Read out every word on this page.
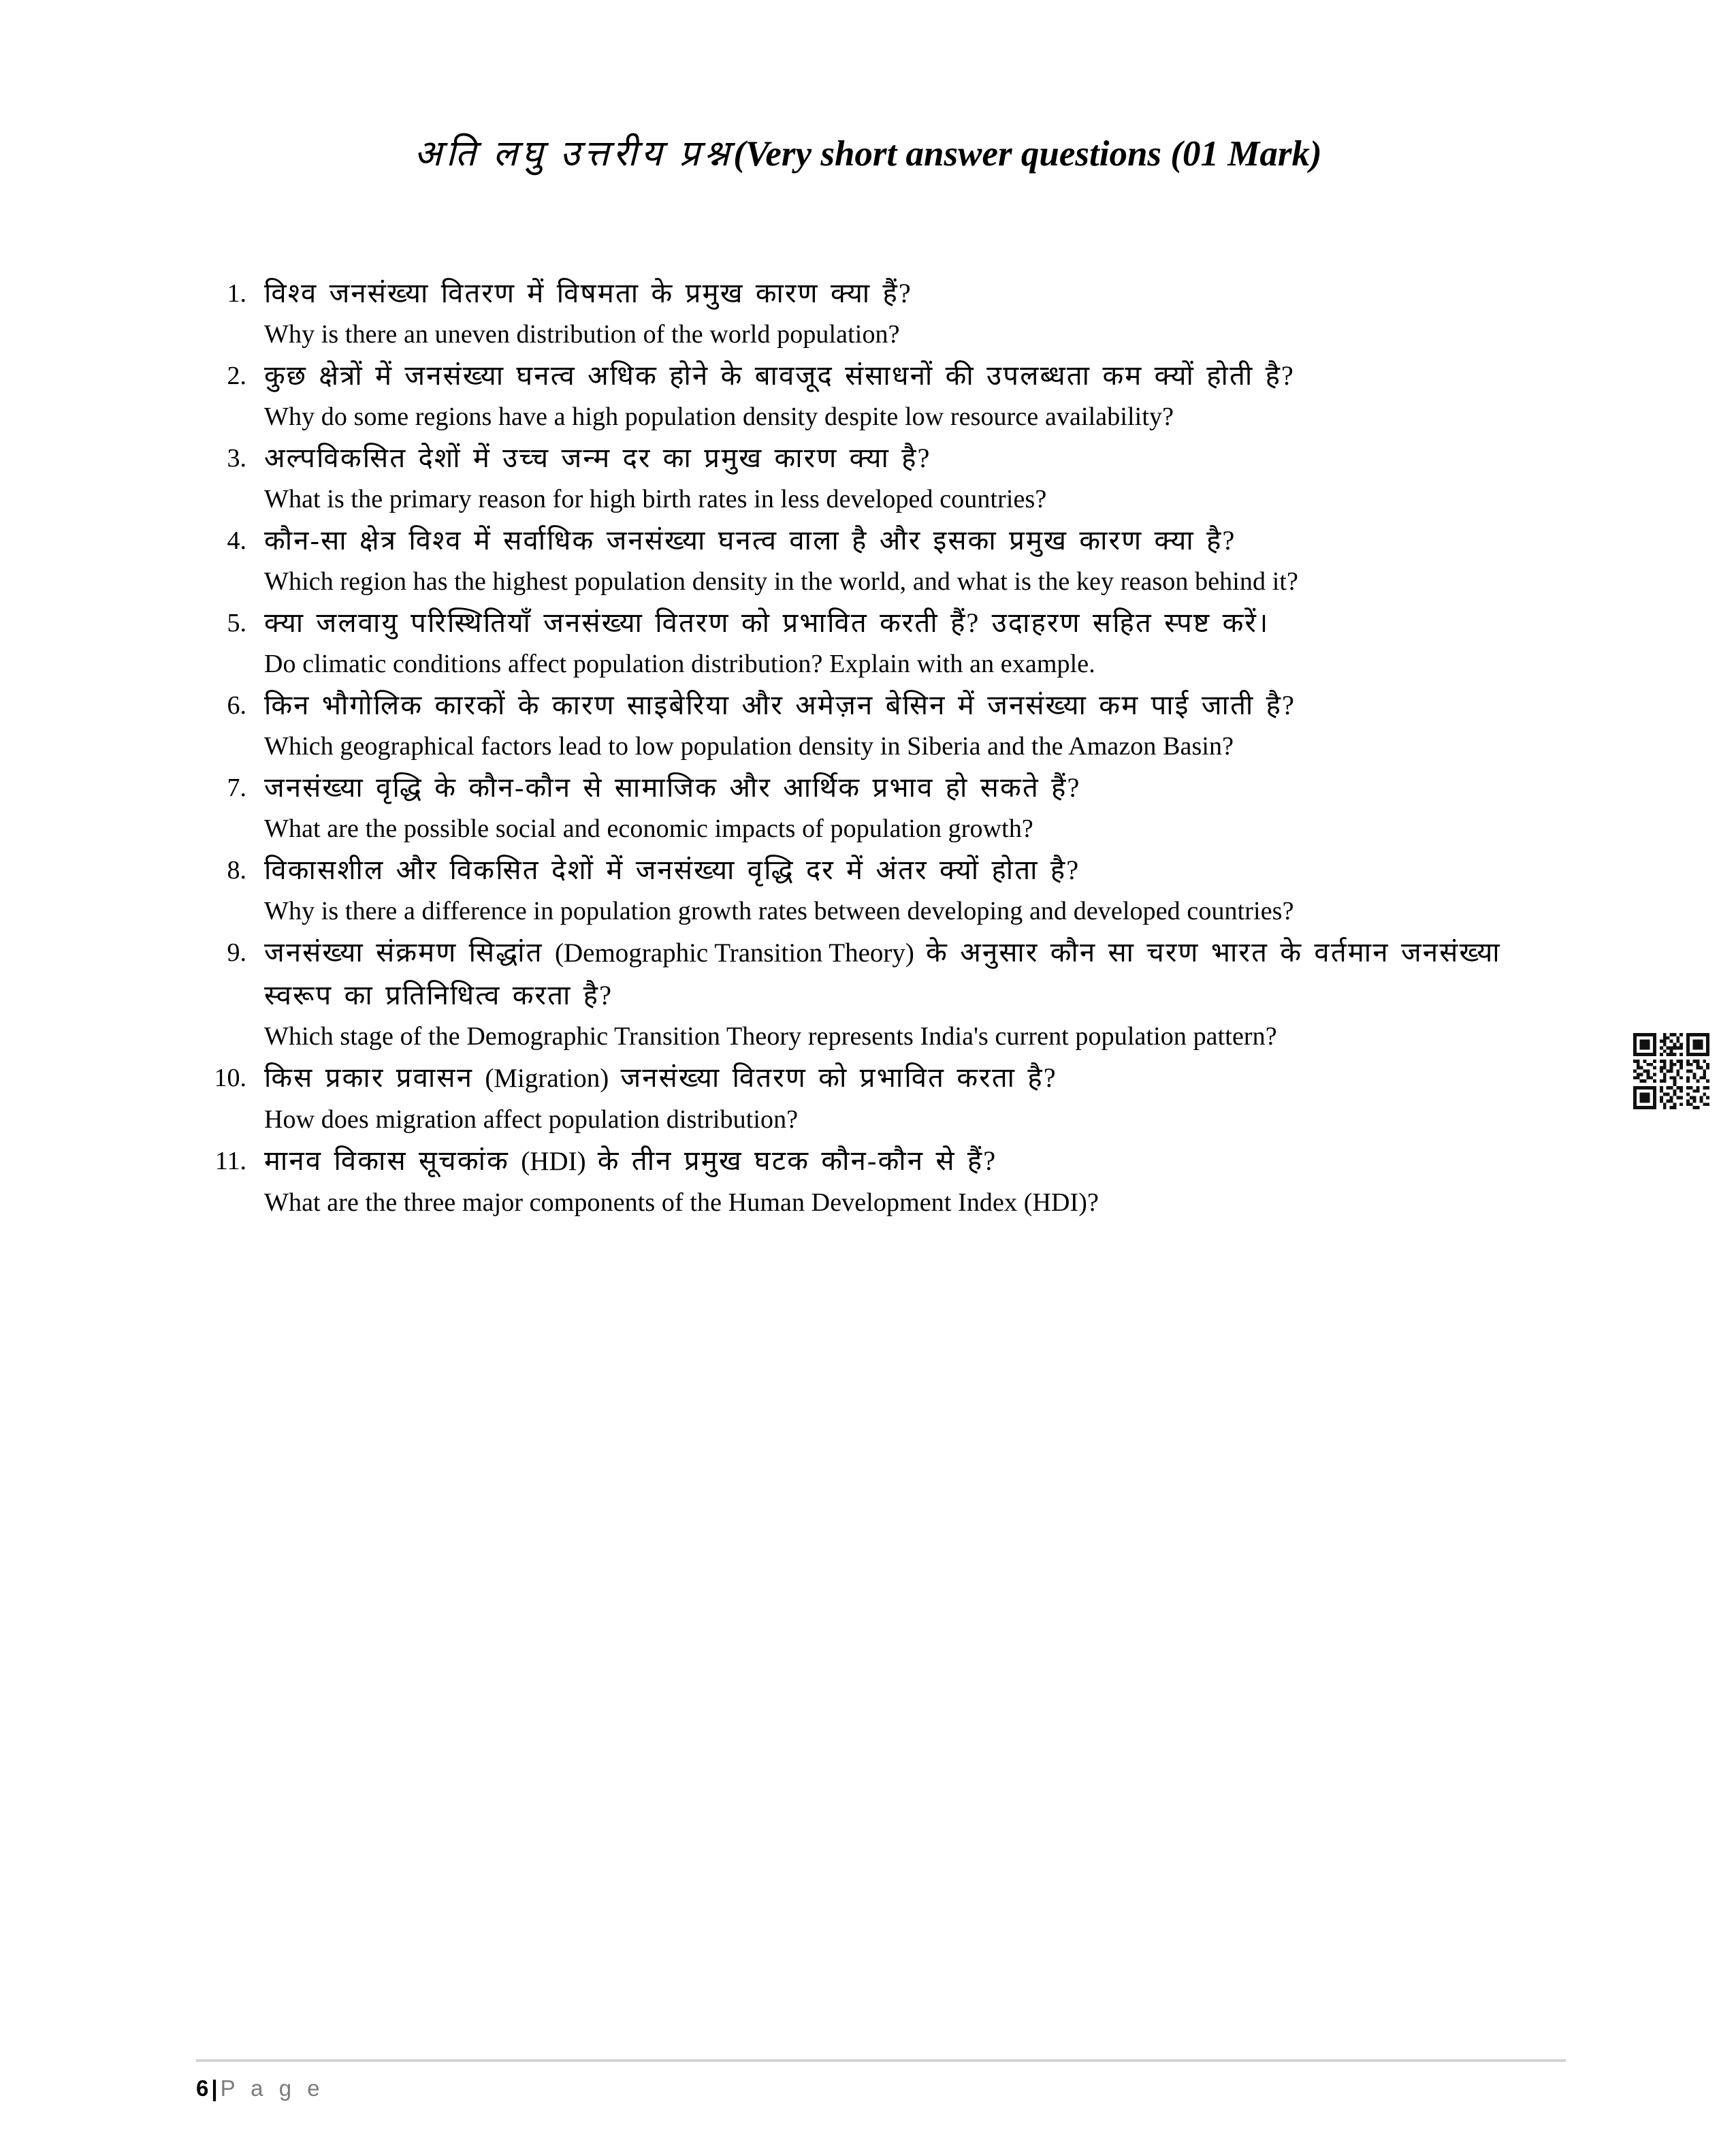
अति लघु उत्तरीय प्रश्न(Very short answer questions (01 Mark)
1. विश्व जनसंख्या वितरण में विषमता के प्रमुख कारण क्या हैं?

Why is there an uneven distribution of the world population?

2. कुछ क्षेत्रों में जनसंख्या घनत्व अधिक होने के बावजूद संसाधनों की उपलब्धता कम क्यों होती है?

Why do some regions have a high population density despite low resource availability?

3. अल्पविकसित देशों में उच्च जन्म दर का प्रमुख कारण क्या है?

What is the primary reason for high birth rates in less developed countries?

4. कौन-सा क्षेत्र विश्व में सर्वाधिक जनसंख्या घनत्व वाला है और इसका प्रमुख कारण क्या है?

Which region has the highest population density in the world, and what is the key reason behind it?

5. क्या जलवायु परिस्थितियाँ जनसंख्या वितरण को प्रभावित करती हैं? उदाहरण सहित स्पष्ट करें।

Do climatic conditions affect population distribution? Explain with an example.

6. किन भौगोलिक कारकों के कारण साइबेरिया और अमेज़न बेसिन में जनसंख्या कम पाई जाती है?

Which geographical factors lead to low population density in Siberia and the Amazon Basin?

7. जनसंख्या वृद्धि के कौन-कौन से सामाजिक और आर्थिक प्रभाव हो सकते हैं?

What are the possible social and economic impacts of population growth?

8. विकासशील और विकसित देशों में जनसंख्या वृद्धि दर में अंतर क्यों होता है?

Why is there a difference in population growth rates between developing and developed countries?

9. जनसंख्या संक्रमण सिद्धांत (Demographic Transition Theory) के अनुसार कौन सा चरण भारत के वर्तमान जनसंख्या स्वरूप का प्रतिनिधित्व करता है?

Which stage of the Demographic Transition Theory represents India's current population pattern?

10. किस प्रकार प्रवासन (Migration) जनसंख्या वितरण को प्रभावित करता है?

How does migration affect population distribution?

11. मानव विकास सूचकांक (HDI) के तीन प्रमुख घटक कौन-कौन से हैं?

What are the three major components of the Human Development Index (HDI)?

6 | P a g e
